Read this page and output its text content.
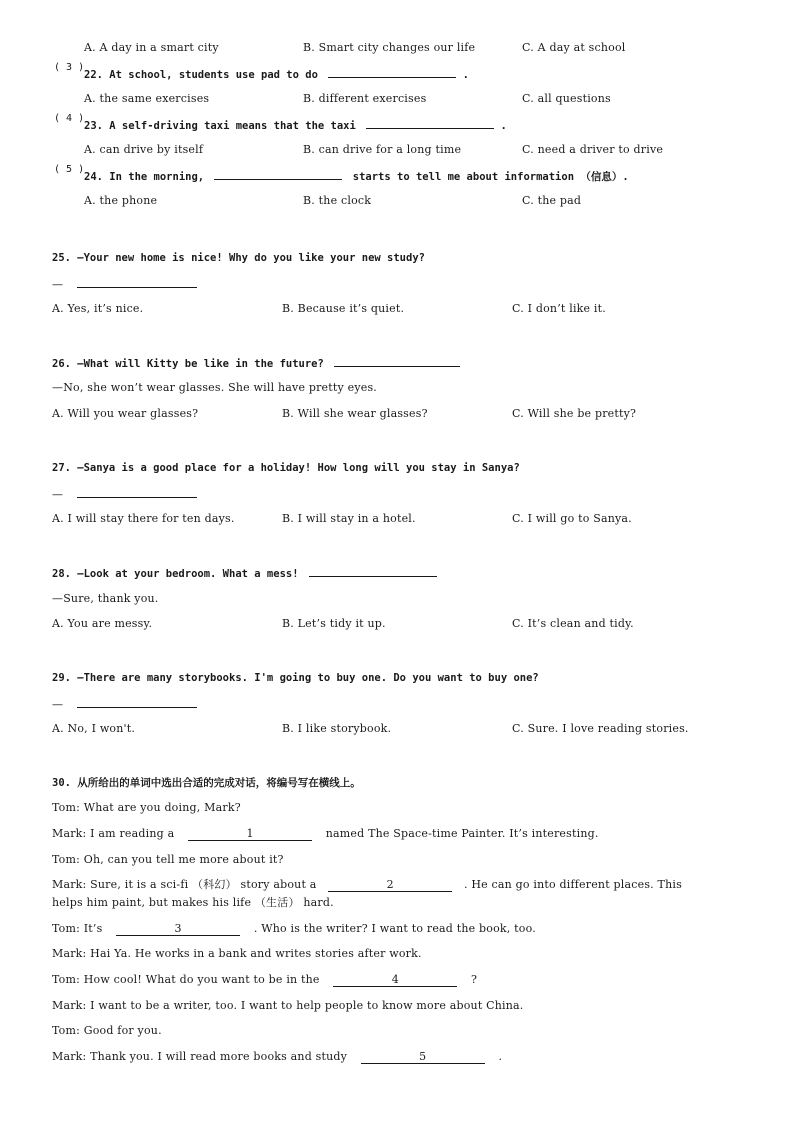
A. A day in a smart city	B. Smart city changes our life	C. A day at school
( 3 )
22. At school, students use pad to do	.
A. the same exercises	B. different exercises	C. all questions
( 4 )
23. A self-driving taxi means that the taxi	.
A. can drive by itself	B. can drive for a long time	C. need a driver to drive
( 5 )
24. In the morning,	starts to tell me about information （信息）.
A. the phone	B. the clock	C. the pad
25. —Your new home is nice! Why do you like your new study?
—
A. Yes, it’s nice.	B. Because it’s quiet.	C. I don’t like it.
26. —What will Kitty be like in the future?
—No, she won’t wear glasses. She will have pretty eyes.
A. Will you wear glasses?	B. Will she wear glasses?	C. Will she be pretty?
27. —Sanya is a good place for a holiday! How long will you stay in Sanya?
—
A. I will stay there for ten days.	B. I will stay in a hotel.	C. I will go to Sanya.
28. —Look at your bedroom. What a mess!
—Sure, thank you.
A. You are messy.	B. Let’s tidy it up.	C. It’s clean and tidy.
29. —There are many storybooks. I'm going to buy one. Do you want to buy one?
—
A. No, I won't.	B. I like storybook.	C. Sure. I love reading stories.
30. 从所给出的单词中选出合适的完成对话，将编号写在横线上。
Tom: What are you doing, Mark?
Mark: I am reading a	1	named The Space-time Painter. It’s interesting.
Tom: Oh, can you tell me more about it?
Mark: Sure, it is a sci-fi （科幻） story about a	2	. He can go into different places. This
helps him paint, but makes his life （生活） hard.
Tom: It’s	3	. Who is the writer? I want to read the book, too.
Mark: Hai Ya. He works in a bank and writes stories after work.
Tom: How cool! What do you want to be in the	4	?
Mark: I want to be a writer, too. I want to help people to know more about China.
Tom: Good for you.
Mark: Thank you. I will read more books and study	5	.
